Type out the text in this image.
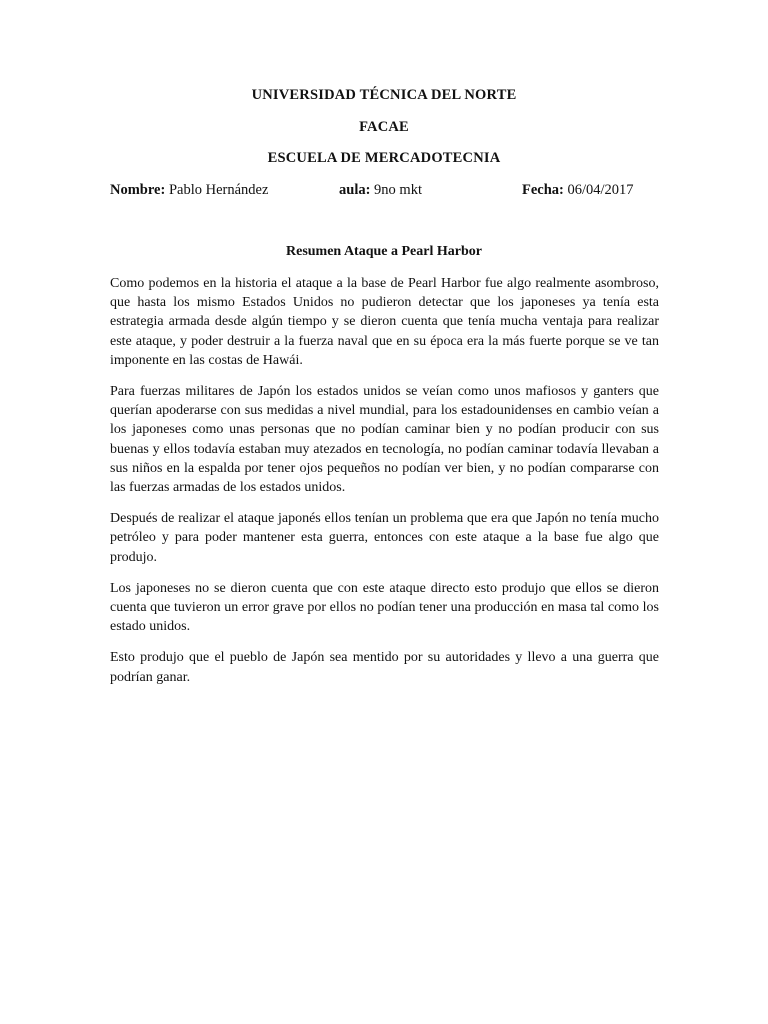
UNIVERSIDAD TÉCNICA DEL NORTE
FACAE
ESCUELA DE MERCADOTECNIA
Nombre: Pablo Hernández	aula: 9no mkt	Fecha: 06/04/2017
Resumen Ataque a Pearl Harbor

Como podemos en la historia el ataque a la base de Pearl Harbor fue algo realmente asombroso, que hasta los mismo Estados Unidos no pudieron detectar que los japoneses ya tenía esta estrategia armada desde algún tiempo y se dieron cuenta que tenía mucha ventaja para realizar este ataque, y poder destruir a la fuerza naval que en su época era la más fuerte porque se ve tan imponente en las costas de Hawái.

Para fuerzas militares de Japón los estados unidos se veían como unos mafiosos y ganters que querían apoderarse con sus medidas a nivel mundial, para los estadounidenses en cambio veían a los japoneses como unas personas que no podían caminar bien y no podían producir con sus buenas y ellos todavía estaban muy atezados en tecnología, no podían caminar todavía llevaban a sus niños en la espalda por tener ojos pequeños no podían ver bien, y no podían compararse con las fuerzas armadas de los estados unidos.

Después de realizar el ataque japonés ellos tenían un problema que era que Japón no tenía mucho petróleo y para poder mantener esta guerra, entonces con este ataque a la base fue algo que produjo.

Los japoneses no se dieron cuenta que con este ataque directo esto produjo que ellos se dieron cuenta que tuvieron un error grave por ellos no podían tener una producción en masa tal como los estado unidos.

Esto produjo que el pueblo de Japón sea mentido por su autoridades y llevo a una guerra que podrían ganar.
